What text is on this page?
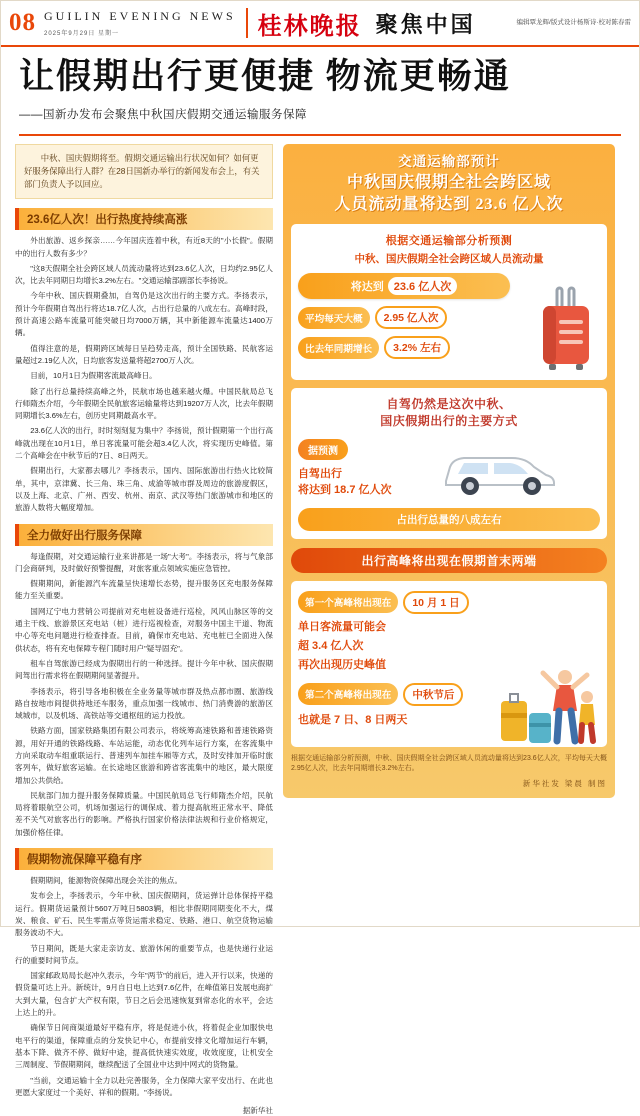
08 GUILIN EVENING NEWS
2025年9月29日 星期一	桂林晚报 聚焦中国	编辑覃龙辉/版式设计杨斯诗·校对陈春雷
让假期出行更便捷 物流更畅通
——国新办发布会聚焦中秋国庆假期交通运输服务保障
中秋、国庆假期将至。假期交通运输出行状况如何？如何更好服务保障出行人群？在28日国新办举行的新闻发布会上，有关部门负责人予以回应。
23.6亿人次！出行热度持续高涨

外出旅游、返乡探亲……今年国庆连着中秋，有近8天的"小长假"。假期中的出行人数有多少？

"这8天假期全社会跨区域人员流动量将达到23.6亿人次，日均约2.95亿人次，比去年同期日均增长3.2%左右。"交通运输部副部长李扬说。

今年中秋、国庆假期叠加，自驾仍是这次出行的主要方式。李扬表示，预计今年假期自驾出行将达18.7亿人次，占出行总量的八成左右。高峰时段，预计高速公路车流量可能突破日均7000万辆，其中新能源车流量达1400万辆。

值得注意的是，假期跨区域每日呈趋势走高，预计全国铁路、民航客运量超过2.19亿人次，日均旅客发送量将超2700万人次。

目前，10月1日为假期客流最高峰日。

除了出行总量持续高峰之外，民航市场也越来越火爆。中国民航局总飞行师隋杰介绍，今年假期全民航旅客运输量将达到19207万人次，比去年假期同期增长3.6%左右，创历史同期最高水平。

23.6亿人次的出行，时时刻刻复为集中？李扬说，预计假期第一个出行高峰就出现在10月1日，单日客流量可能会超3.4亿人次，将实现历史峰值。第二个高峰会在中秋节后的7日、8日两天。

假期出行，大家都去哪儿？李扬表示，国内、国际旅游出行热火比较简单，其中，京津冀、长三角、珠三角、成渝等城市群及周边的旅游度假区，以及上海、北京、广州、西安、杭州、南京、武汉等热门旅游城市和地区的旅游人数将大幅度增加。

全力做好出行服务保障

每逢假期，对交通运输行业来讲都是一场"大考"。李扬表示，将与气象部门会商研判，及时做好预警提醒，对旅客重点领域实施应急管控。

假期期间，新能源汽车流量呈快速增长态势，提升服务区充电服务保障能力至关重要。

国网辽宁电力营销公司提前对充电桩设备进行巡检，风风山脉区等的交通主干线、旅游景区充电站（桩）进行巡视检查，对服务中国主干道、物流中心等充电问题进行检查排查。目前，确保市充电站、充电桩已全面进入保供状态，将有充电保障专程门随时用户"疑导固充"。

租车自驾旅游已经成为假期出行的一种选择。提计今年中秋、国庆假期间驾出行需求将在假期期间显著提升。

李扬表示，将引导各地积极在全业务量等城市群及热点都市圈、旅游线路自按地市间提供持地还车服务，重点加强一线城市、热门消费游的旅游区域城市，以及机场、高铁站等交通枢纽的运力投放。

铁路方面，国家铁路集团有限公司表示，将统筹高速铁路和普速铁路资源，用好开通的铁路线路、车站运能，动态优化列车运行方案，在客流集中方向采取动车组重联运行、普速列车加挂车厢等方式，及时安排加开临时旅客列车，做好旅客运输。在长途地区旅游和跨省客流集中的地区，最大限度增加公共供给。

民航部门加力提升服务保障质量。中国民航局总飞行师隋杰介绍，民航局将着眼航空公司，机场加强运行的调保成、着力提高航班正常水平、降低差不关气对旅客出行的影响。严格执行国家价格法律法规和行业价格规定，加强价格任律。

假期物流保障平稳有序

假期期间，能源物资保障出现会关注的焦点。

发布会上，李扬表示，今年中秋、国庆假期间，货运弹计总体保持平稳运行。假期货运量预计5607万吨日5803辆，相比非假期同期变化不大，煤炭、粮食、矿石、民生零需点等货运需求稳定、铁路、港口、航空货物运输服务波动不大。

节日期间，既是大家走亲访友、旅游休闲的重要节点，也是快递行业运行的重要时间节点。

国家邮政局局长赵冲久表示，今年"两节"的前后，进入开行以来，快递的假货量可达上升。新统计，9月自日电上达到7.6亿件，在峰值第日发展电商扩大到大量，包含扩大产权有限，节日之后会迅速恢复到常态化的水平，会达上达上的升。

确保节日间商渠道最好平稳有序，将是促进小伙，将着促企业加服快电电平行的渠道，保障重点的分发快记中心，布提前安排文化增加运行车辆，基本下降、做齐不停、做好中途，提高低快速实效度，收效度度，让机安全三周制度、节假期期间，继续配送了全国业中达到中网式的货物量。

"当前，交通运输十全力以赴完善服务，全力保障大家平安出行、在此也更愿大家度过一个美好、祥和的假期。"李扬说。

据新华社
交通运输部预计
中秋国庆假期全社会跨区域
人员流动量将达到 23.6 亿人次
根据交通运输部分析预测
中秋、国庆假期全社会跨区域人员流动量
将达到 23.6 亿人次
平均每天大概	2.95 亿人次
比去年同期增长	3.2% 左右
自驾仍然是这次中秋、
国庆假期出行的主要方式
据预测
自驾出行
将达到 18.7 亿人次
占出行总量的八成左右
出行高峰将出现在假期首末两端
第一个高峰将出现在	10 月 1 日
单日客流量可能会
超 3.4 亿人次
再次出现历史峰值
第二个高峰将出现在	中秋节后
也就是 7 日、8 日两天
根据交通运输部分析预测，中秋、国庆假期全社会跨区域人员流动量将达到23.6亿人次，平均每天大概2.95亿人次，比去年同期增长3.2%左右。
新华社发 梁晨 制图
